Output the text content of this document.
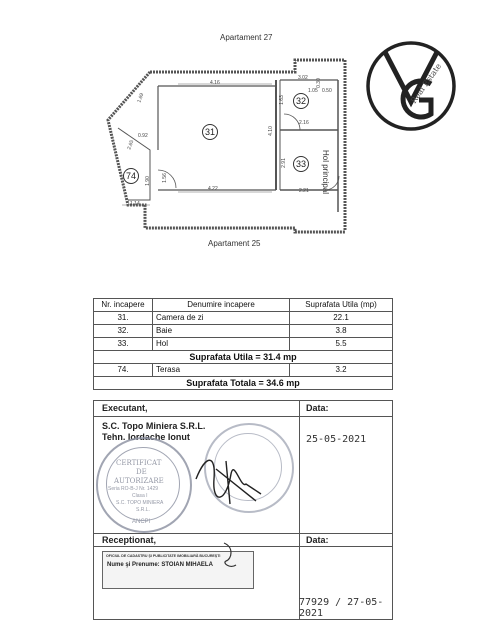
Apartament 27
Apartament 25
Hol principal
31
32
33
74
4.16
4.10
4.22
1.63
2.16
2.91
2.21
1.56
1.14
1.90
0.92
3.02
1.69
2.65
1.05 0.50
0.30	Real Estate
Nr. incapere	Denumire incapere	Suprafata Utila (mp)
31.	Camera de zi	22.1
32.	Baie	3.8
33.	Hol	5.5
Suprafata Utila = 31.4 mp		
74.	Terasa	3.2
Suprafata Totala = 34.6 mp		
Executant,	Data:
S.C. Topo Miniera S.R.L.
Tehn. Iordache Ionut	25-05-2021
CERTIFICAT
DE
AUTORIZARE
Seria RO-B-J Nr. 1429
Clasa I
S.C. TOPO MINIERA
S.R.L.
ANCPI
Receptionat,	Data:
OFICIUL DE CADASTRU ŞI PUBLICITATE IMOBILIARĂ BUCUREŞTI
Nume şi Prenume: STOIAN MIHAELA
77929 / 27-05-2021
